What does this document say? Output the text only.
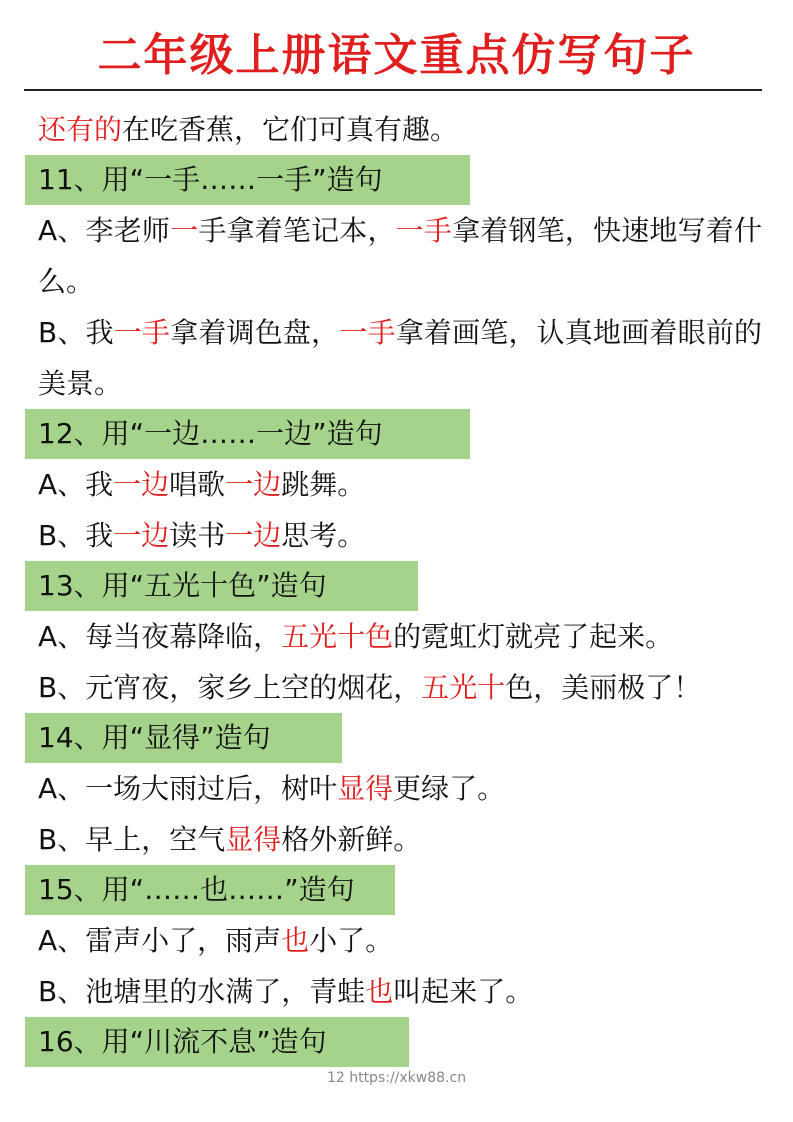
二年级上册语文重点仿写句子
还有的在吃香蕉，它们可真有趣。
11、用“一手……一手”造句
A、李老师一手拿着笔记本，一手拿着钢笔，快速地写着什么。
B、我一手拿着调色盘，一手拿着画笔，认真地画着眼前的美景。
12、用“一边……一边”造句
A、我一边唱歌一边跳舞。
B、我一边读书一边思考。
13、用“五光十色”造句
A、每当夜幕降临，五光十色的霓虹灯就亮了起来。
B、元宵夜，家乡上空的烟花，五光十色，美丽极了！
14、用“显得”造句
A、一场大雨过后，树叶显得更绿了。
B、早上，空气显得格外新鲜。
15、用“……也……”造句
A、雷声小了，雨声也小了。
B、池塘里的水满了，青蛙也叫起来了。
16、用“川流不息”造句
12 https://xkw88.cn
